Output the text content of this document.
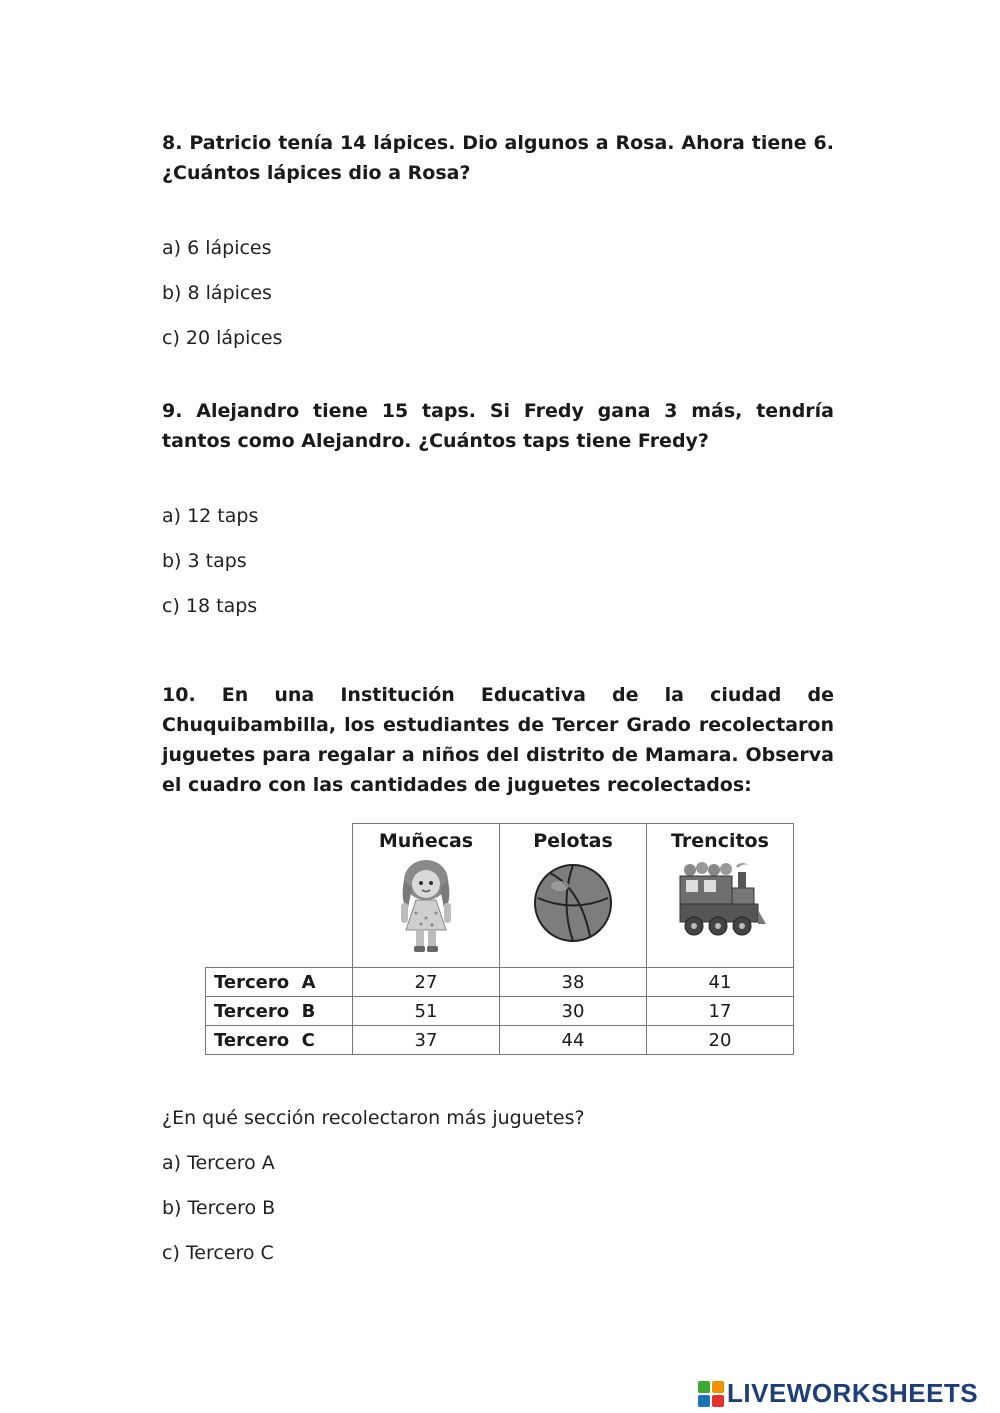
8. Patricio tenía 14 lápices. Dio algunos a Rosa. Ahora tiene 6. ¿Cuántos lápices dio a Rosa?
a) 6 lápices
b) 8 lápices
c) 20 lápices
9. Alejandro tiene 15 taps. Si Fredy gana 3 más, tendría tantos como Alejandro. ¿Cuántos taps tiene Fredy?
a) 12 taps
b) 3 taps
c) 18 taps
10. En una Institución Educativa de la ciudad de Chuquibambilla, los estudiantes de Tercer Grado recolectaron juguetes para regalar a niños del distrito de Mamara. Observa el cuadro con las cantidades de juguetes recolectados:

	Muñecas	Pelotas	Trencitos

Tercero  A	27	38	41
Tercero  B	51	30	17
Tercero  C	37	44	20
¿En qué sección recolectaron más juguetes?
a) Tercero A
b) Tercero B
c) Tercero C
LIVEWORKSHEETS
